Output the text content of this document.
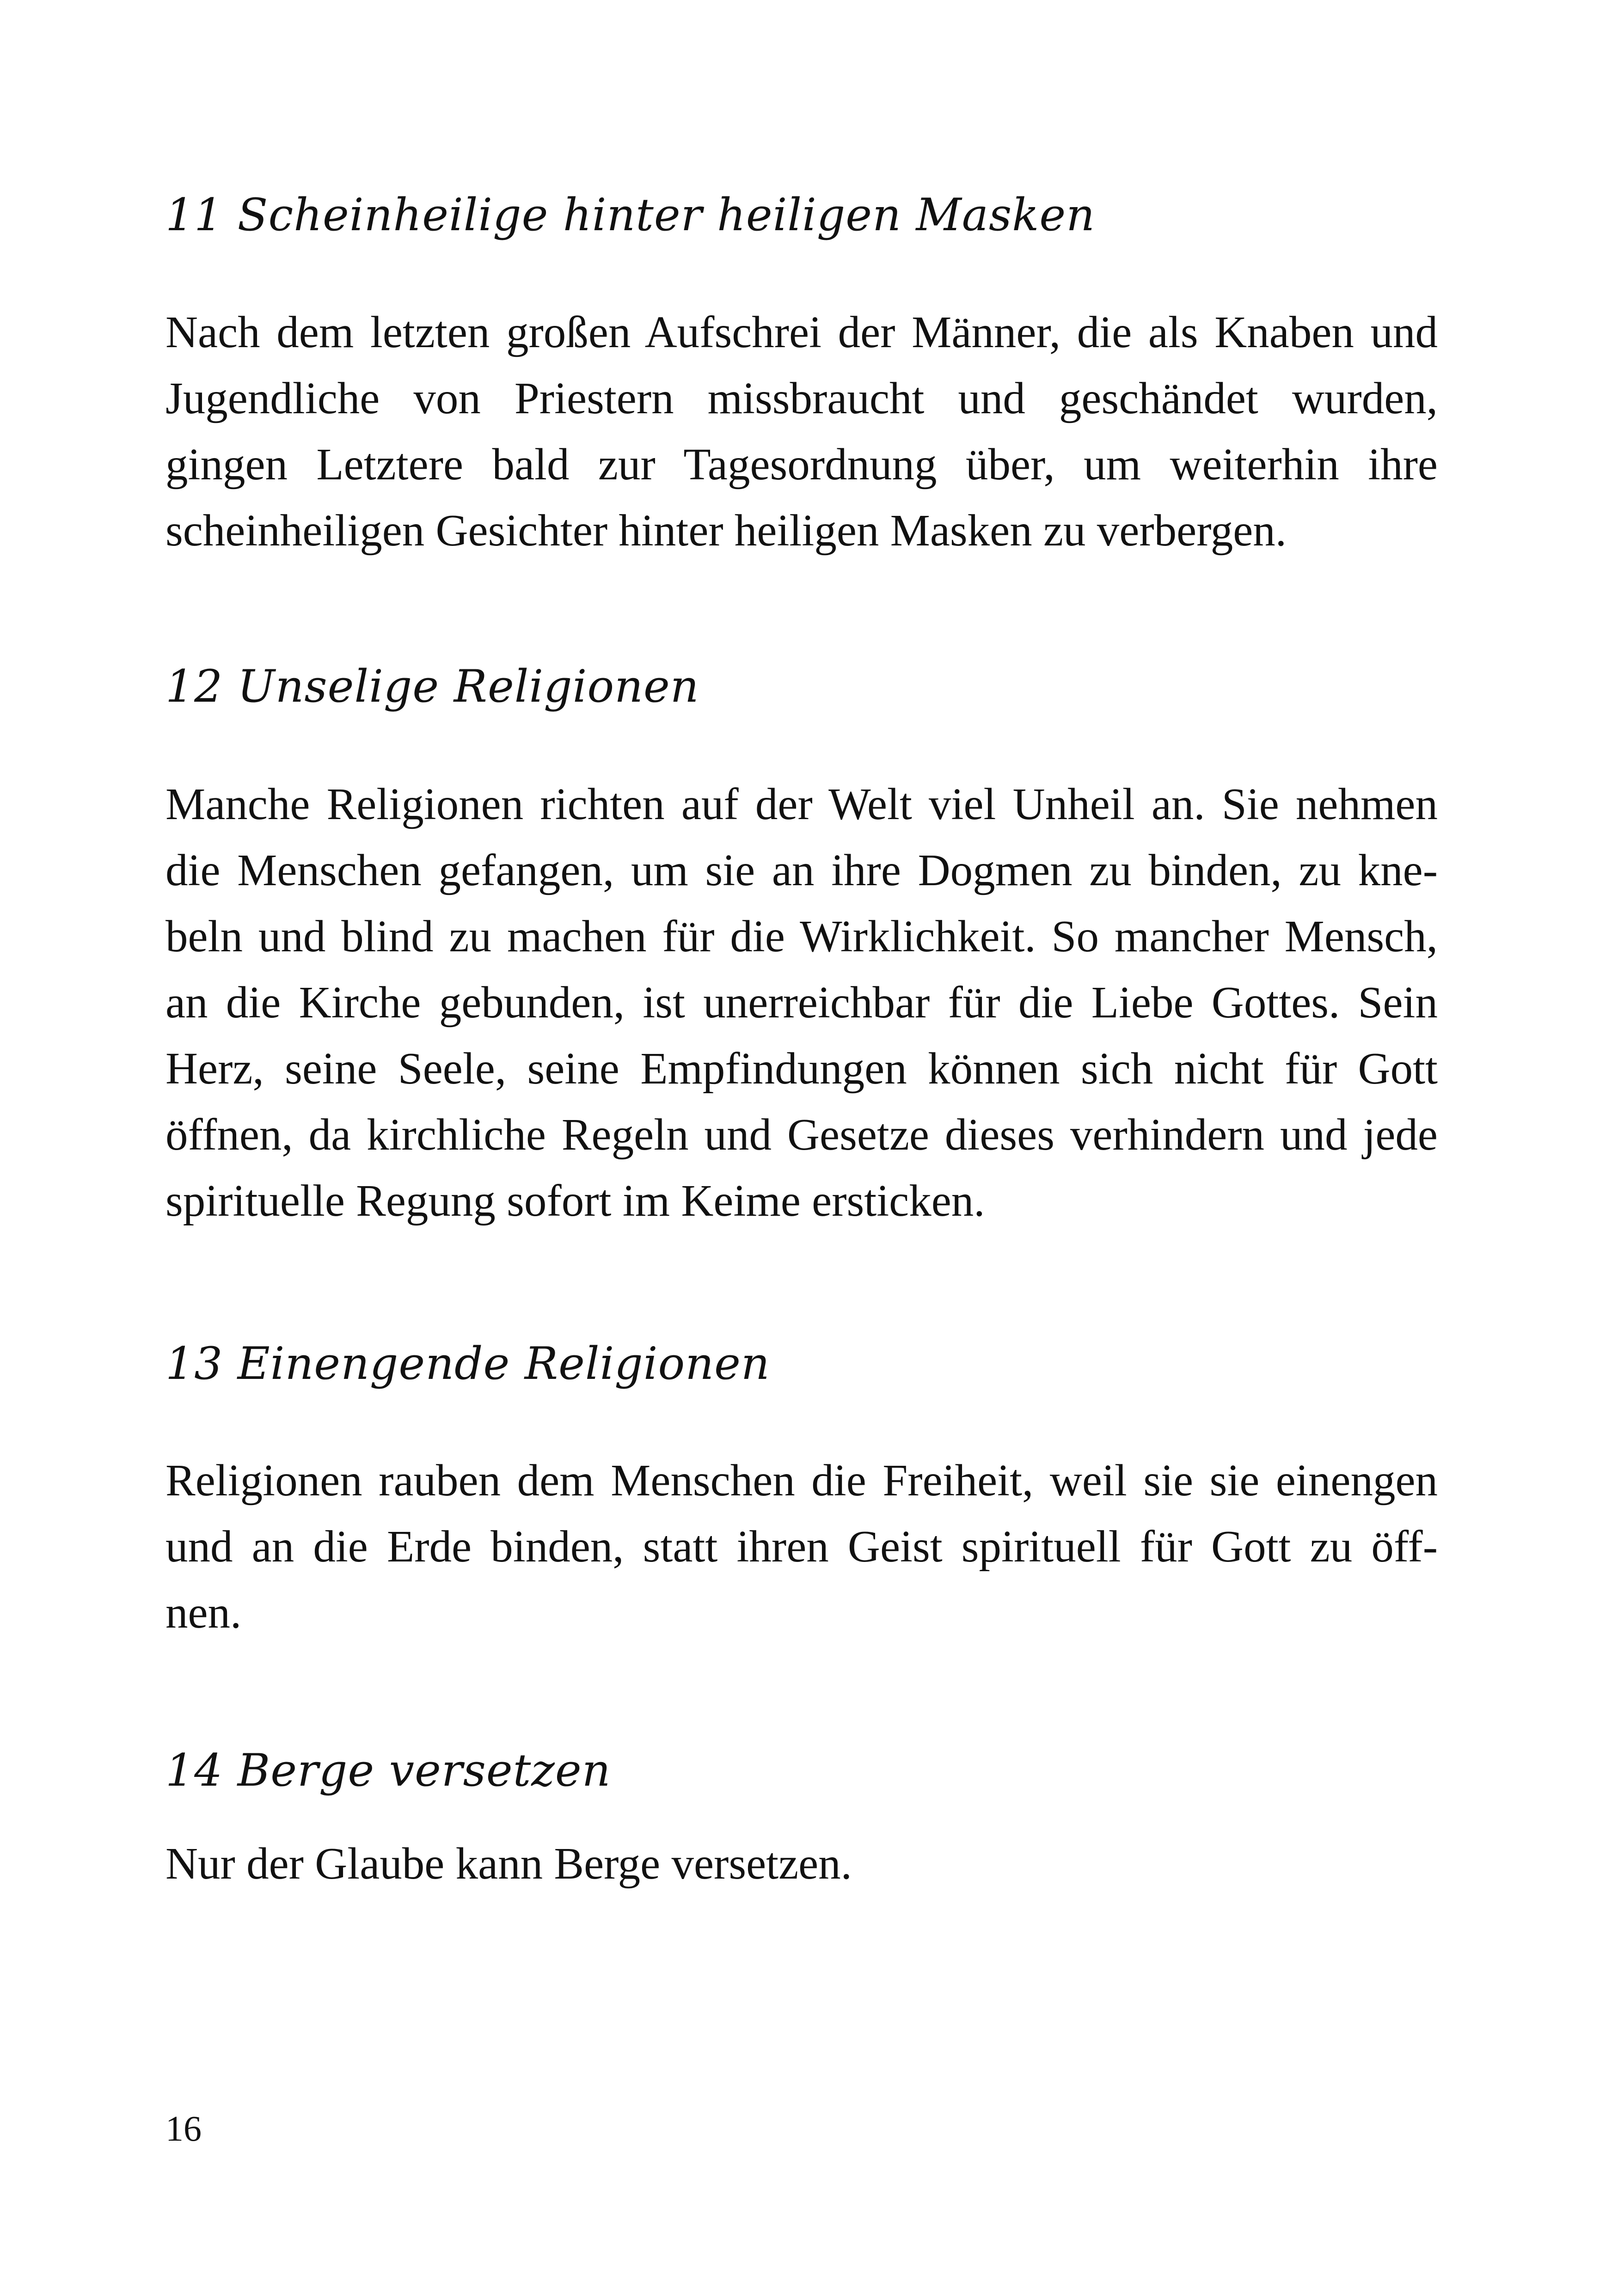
11 Scheinheilige hinter heiligen Masken
Nach dem letzten großen Aufschrei der Männer, die als Knaben und
Jugendliche von Priestern missbraucht und geschändet wurden,
gingen Letztere bald zur Tagesordnung über, um weiterhin ihre
scheinheiligen Gesichter hinter heiligen Masken zu verbergen.
12 Unselige Religionen
Manche Religionen richten auf der Welt viel Unheil an. Sie nehmen
die Menschen gefangen, um sie an ihre Dogmen zu binden, zu kne-
beln und blind zu machen für die Wirklichkeit. So mancher Mensch,
an die Kirche gebunden, ist unerreichbar für die Liebe Gottes. Sein
Herz, seine Seele, seine Empfindungen können sich nicht für Gott
öffnen, da kirchliche Regeln und Gesetze dieses verhindern und jede
spirituelle Regung sofort im Keime ersticken.
13 Einengende Religionen
Religionen rauben dem Menschen die Freiheit, weil sie sie einengen
und an die Erde binden, statt ihren Geist spirituell für Gott zu öff-
nen.
14 Berge versetzen
Nur der Glaube kann Berge versetzen.
16
